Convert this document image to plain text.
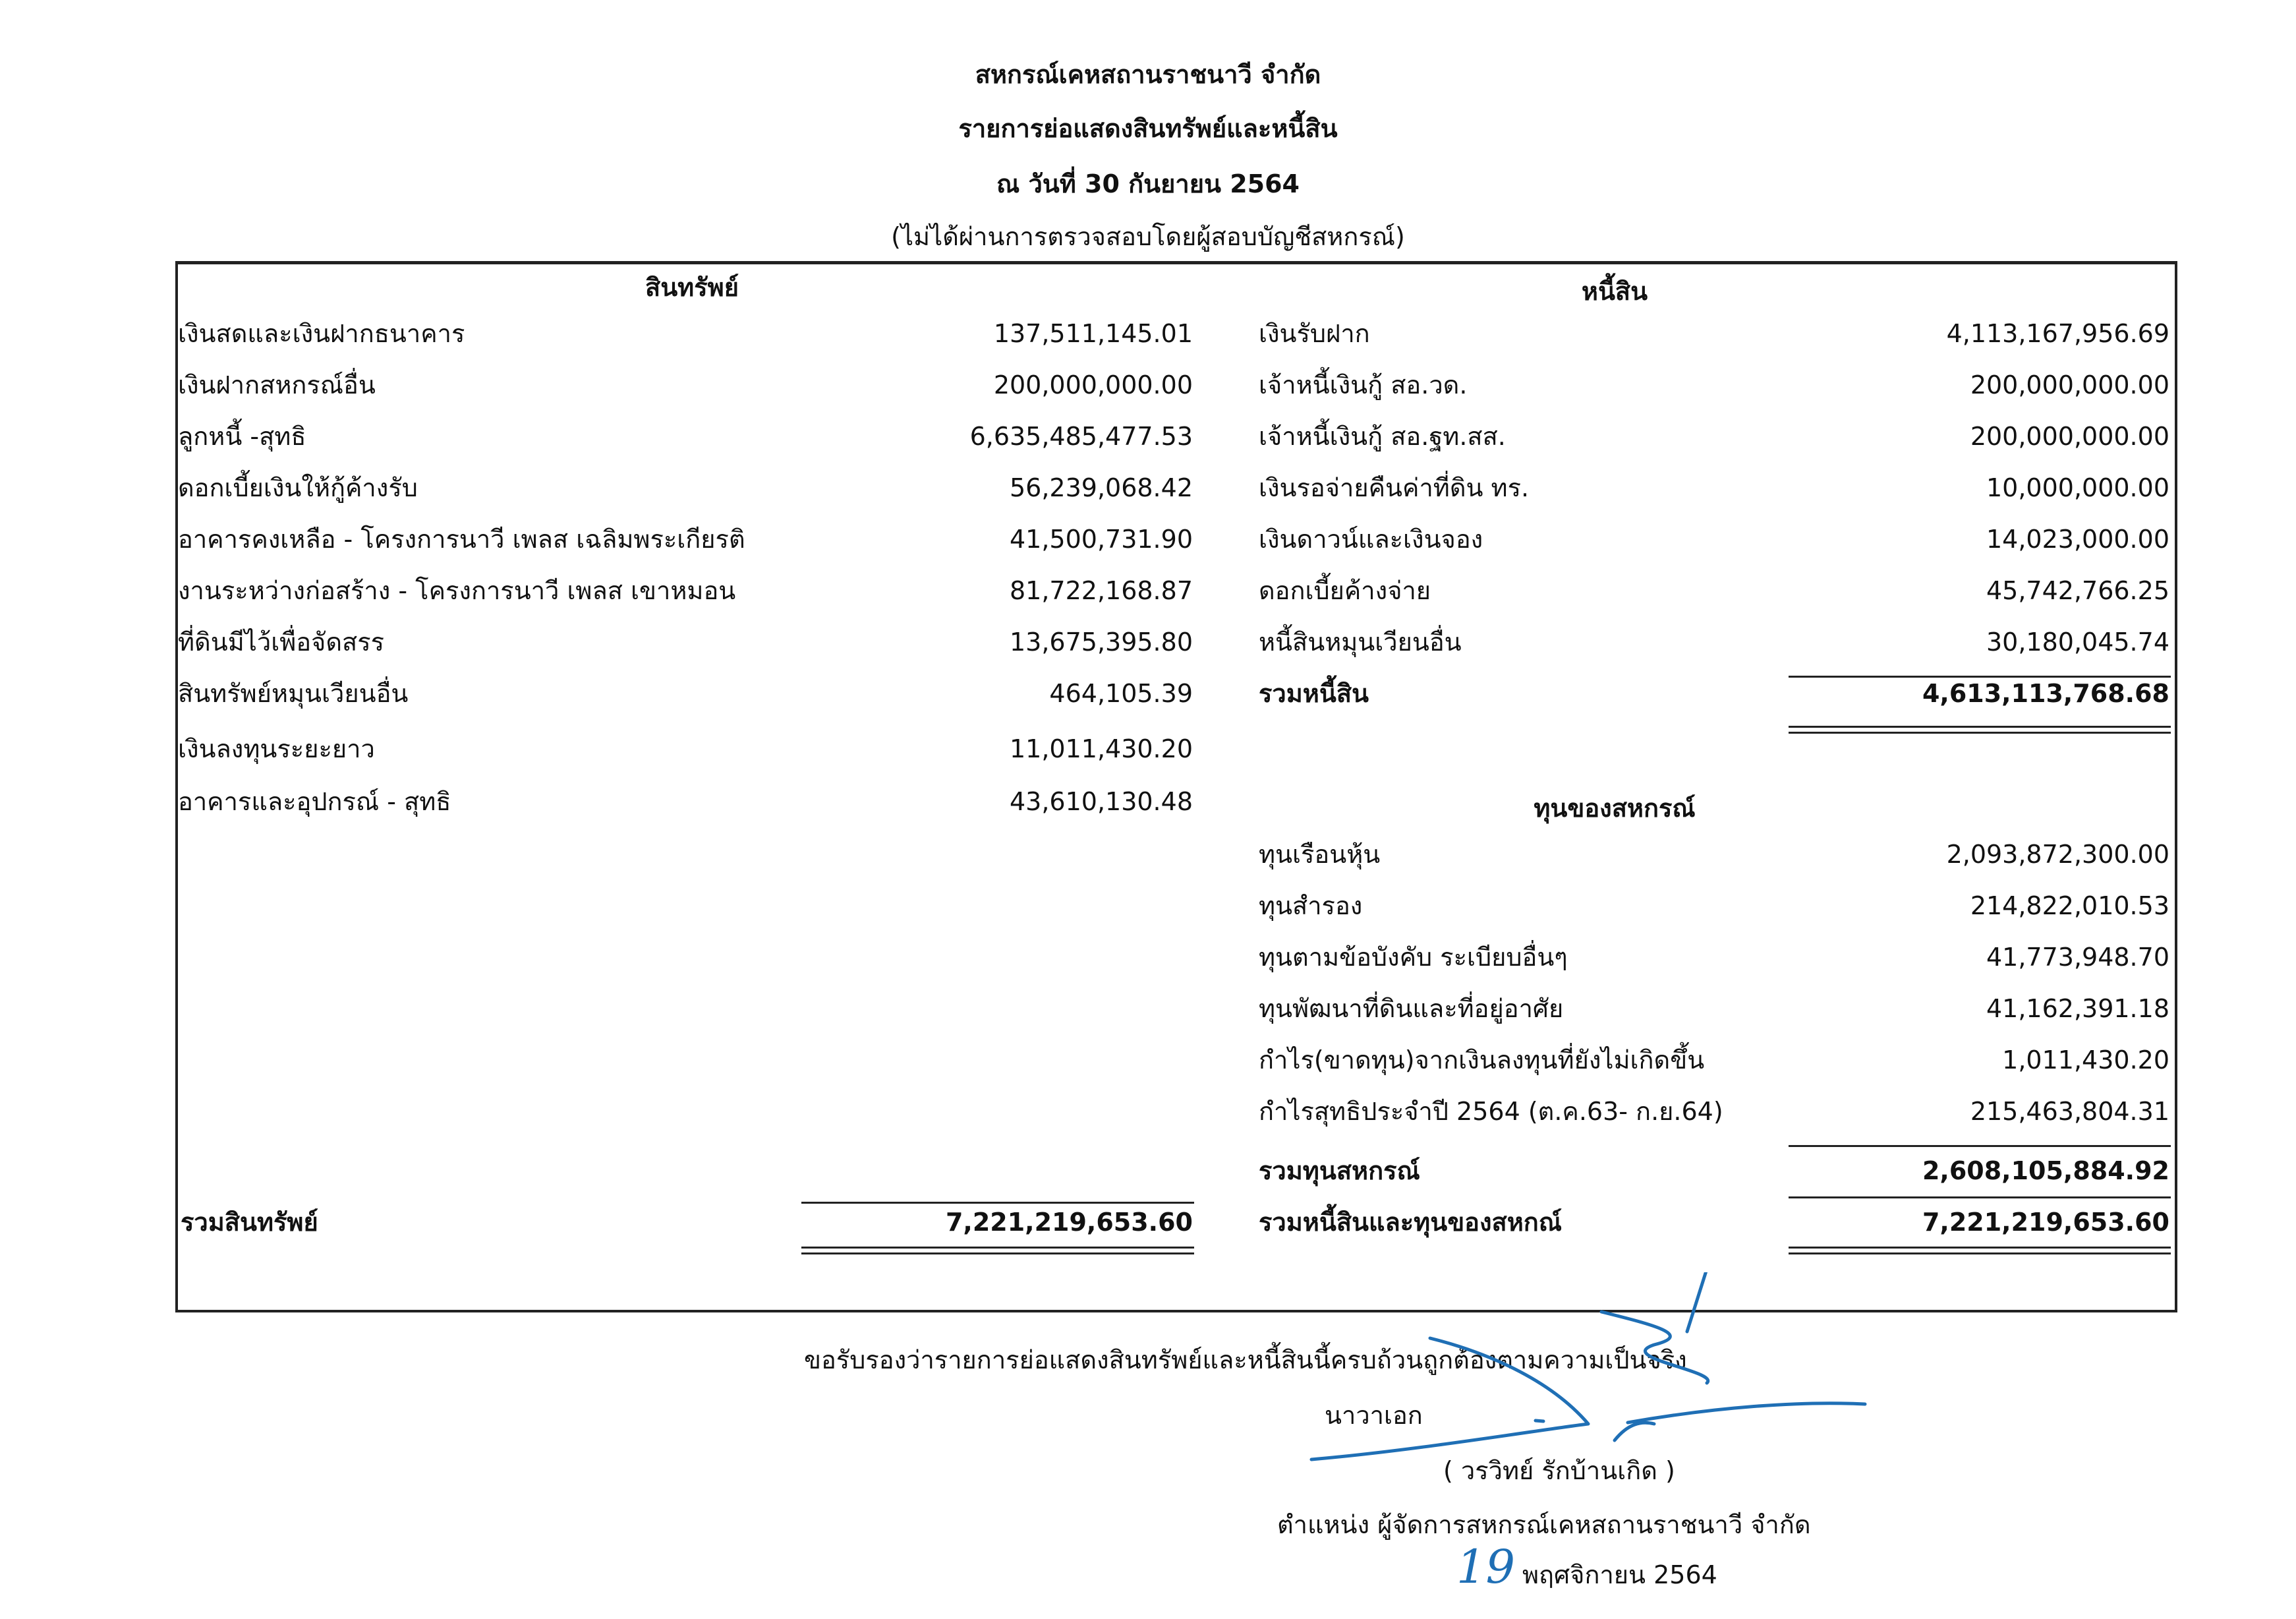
สหกรณ์เคหสถานราชนาวี จำกัด
รายการย่อแสดงสินทรัพย์และหนี้สิน
ณ วันที่ 30 กันยายน 2564
(ไม่ได้ผ่านการตรวจสอบโดยผู้สอบบัญชีสหกรณ์)
สินทรัพย์	หนี้สิน
เงินสดและเงินฝากธนาคาร	137,511,145.01
เงินฝากสหกรณ์อื่น	200,000,000.00
ลูกหนี้ -สุทธิ	6,635,485,477.53
ดอกเบี้ยเงินให้กู้ค้างรับ	56,239,068.42
อาคารคงเหลือ - โครงการนาวี เพลส เฉลิมพระเกียรติ	41,500,731.90
งานระหว่างก่อสร้าง - โครงการนาวี เพลส เขาหมอน	81,722,168.87
ที่ดินมีไว้เพื่อจัดสรร	13,675,395.80
สินทรัพย์หมุนเวียนอื่น	464,105.39
เงินลงทุนระยะยาว	11,011,430.20
อาคารและอุปกรณ์ - สุทธิ	43,610,130.48
รวมสินทรัพย์	7,221,219,653.60
เงินรับฝาก	4,113,167,956.69
เจ้าหนี้เงินกู้ สอ.วด.	200,000,000.00
เจ้าหนี้เงินกู้ สอ.ฐท.สส.	200,000,000.00
เงินรอจ่ายคืนค่าที่ดิน ทร.	10,000,000.00
เงินดาวน์และเงินจอง	14,023,000.00
ดอกเบี้ยค้างจ่าย	45,742,766.25
หนี้สินหมุนเวียนอื่น	30,180,045.74
รวมหนี้สิน	4,613,113,768.68
ทุนของสหกรณ์
ทุนเรือนหุ้น	2,093,872,300.00
ทุนสำรอง	214,822,010.53
ทุนตามข้อบังคับ ระเบียบอื่นๆ	41,773,948.70
ทุนพัฒนาที่ดินและที่อยู่อาศัย	41,162,391.18
กำไร(ขาดทุน)จากเงินลงทุนที่ยังไม่เกิดขึ้น	1,011,430.20
กำไรสุทธิประจำปี 2564 (ต.ค.63- ก.ย.64)	215,463,804.31
รวมทุนสหกรณ์	2,608,105,884.92
รวมหนี้สินและทุนของสหกณ์	7,221,219,653.60
ขอรับรองว่ารายการย่อแสดงสินทรัพย์และหนี้สินนี้ครบถ้วนถูกต้องตามความเป็นจริง
นาวาเอก
( วรวิทย์ รักบ้านเกิด )
ตำแหน่ง ผู้จัดการสหกรณ์เคหสถานราชนาวี จำกัด
19 พฤศจิกายน 2564
